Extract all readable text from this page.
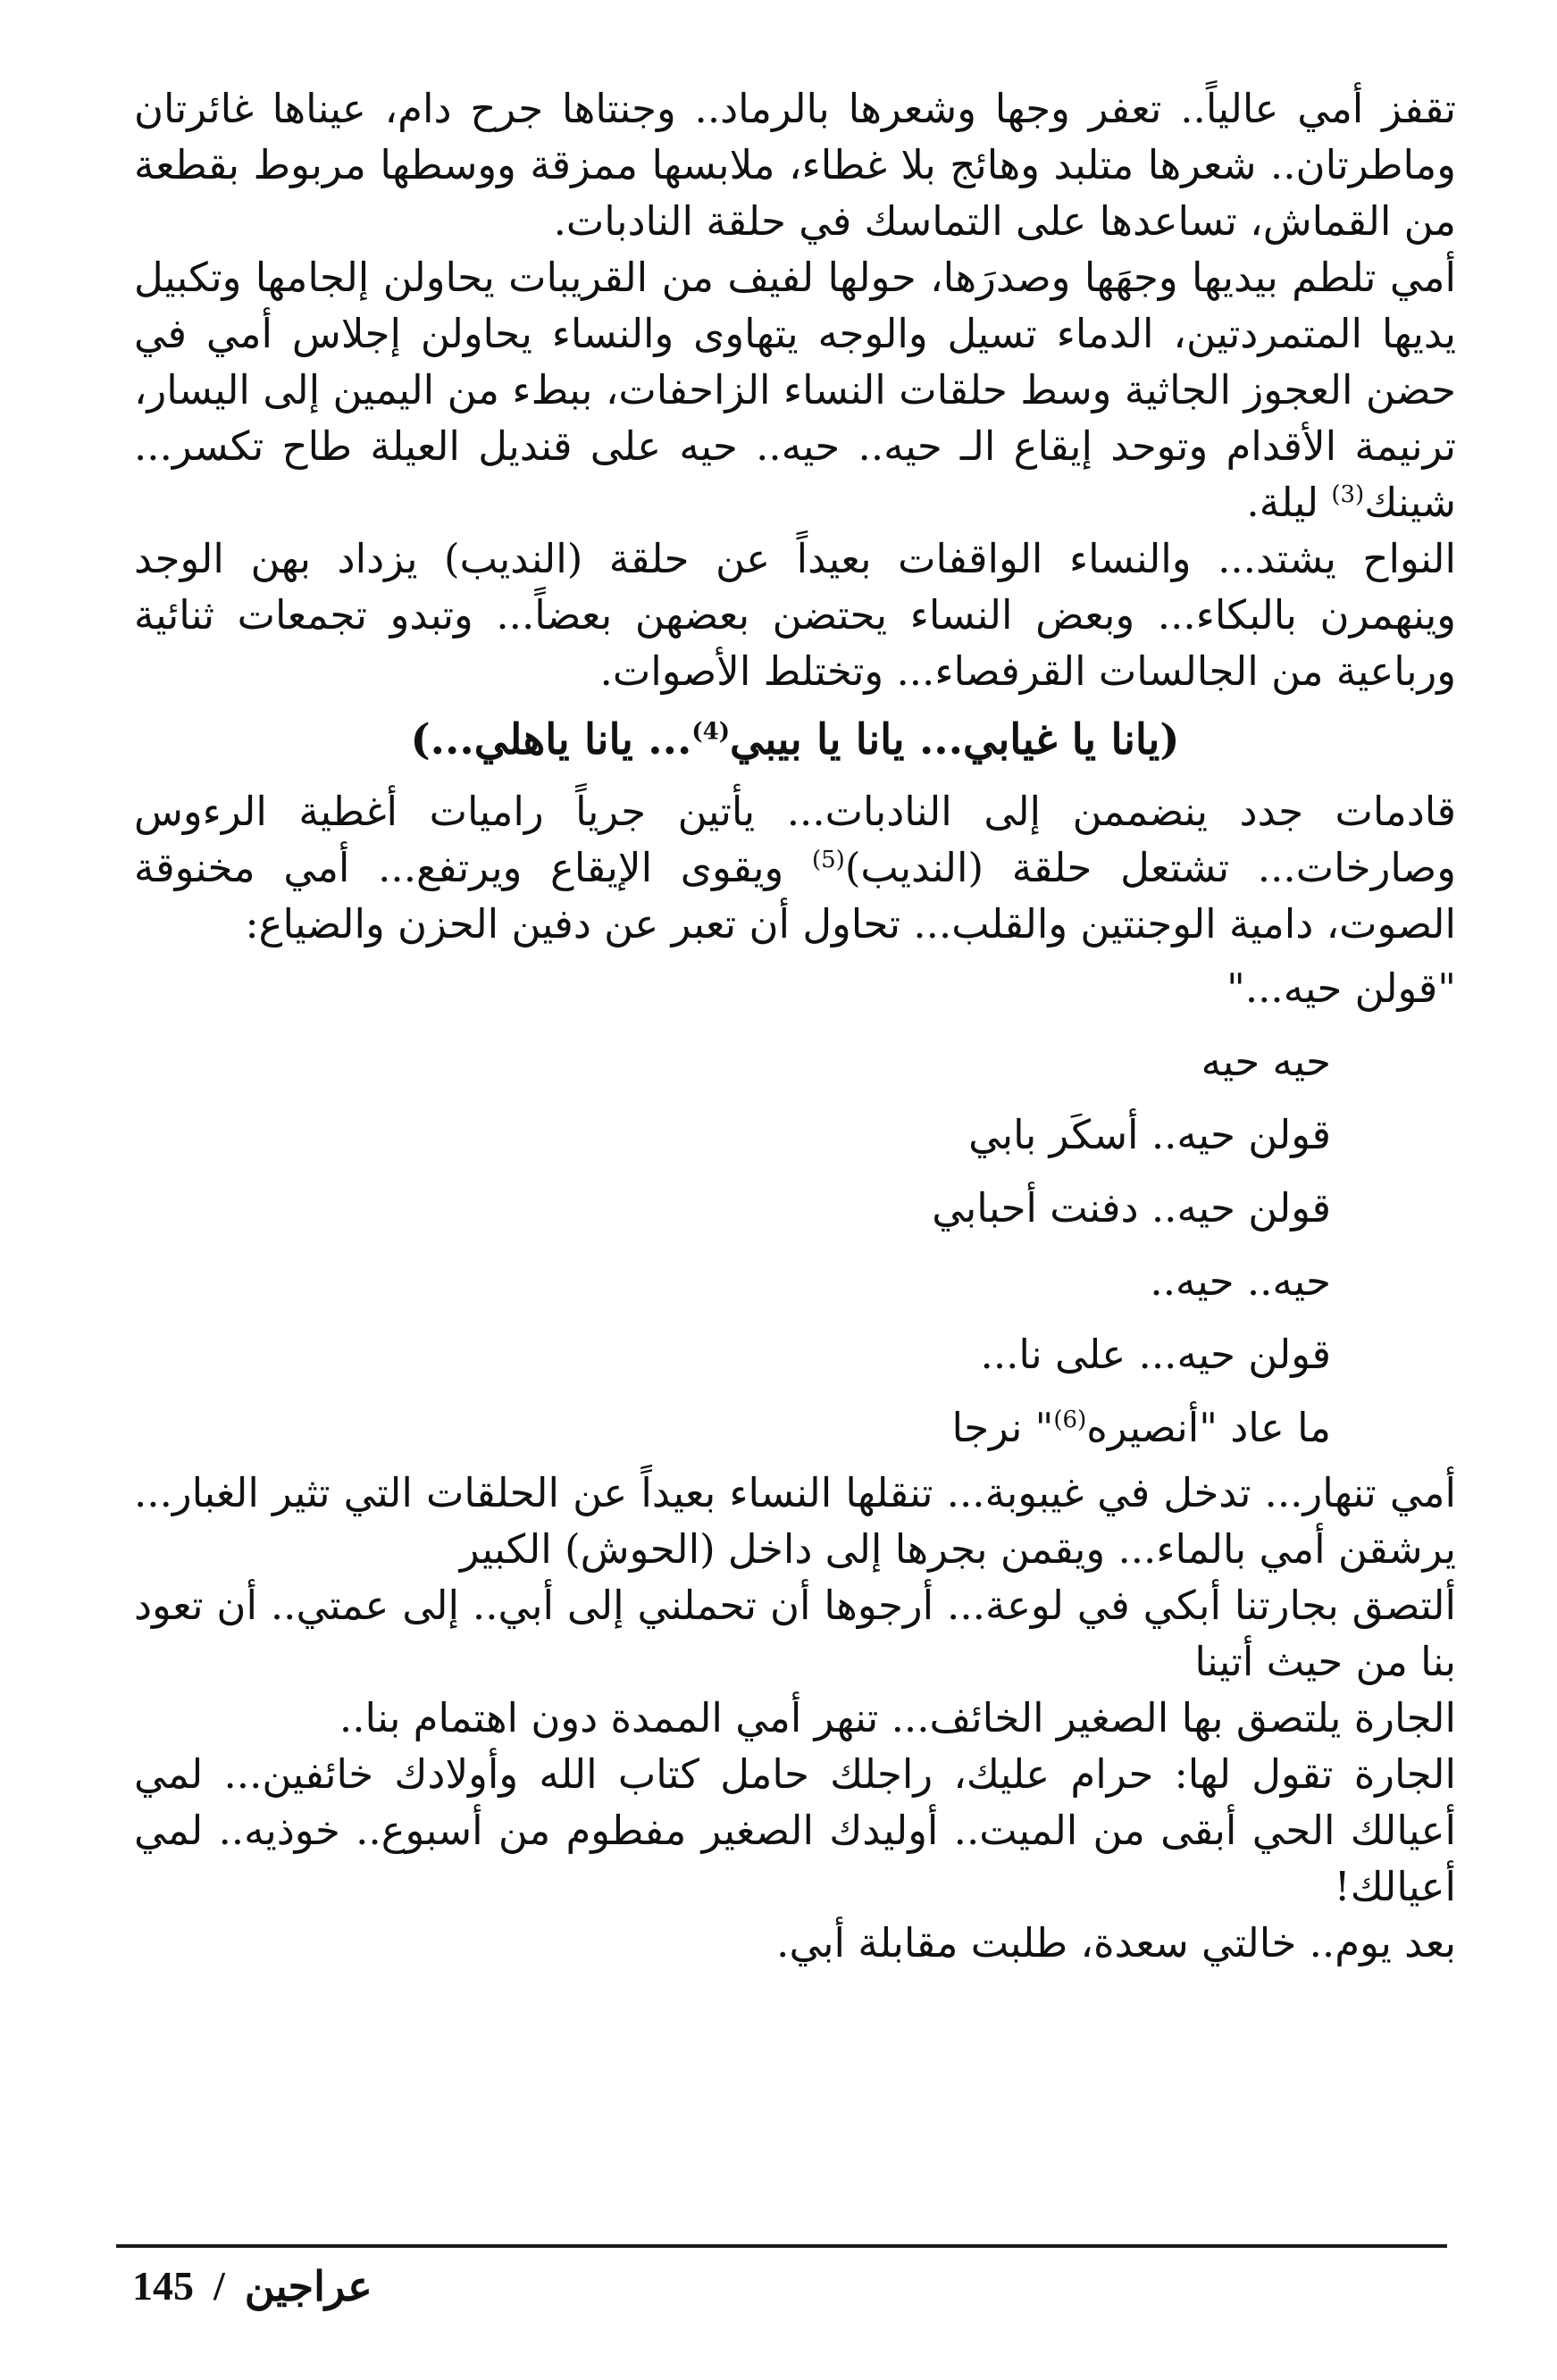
تقفز أمي عالياً.. تعفر وجها وشعرها بالرماد.. وجنتاها جرح دام، عيناها غائرتان وماطرتان.. شعرها متلبد وهائج بلا غطاء، ملابسها ممزقة ووسطها مربوط بقطعة من القماش، تساعدها على التماسك في حلقة النادبات.

أمي تلطم بيديها وجهَها وصدرَها، حولها لفيف من القريبات يحاولن إلجامها وتكبيل يديها المتمردتين، الدماء تسيل والوجه يتهاوى والنساء يحاولن إجلاس أمي في حضن العجوز الجاثية وسط حلقات النساء الزاحفات، ببطء من اليمين إلى اليسار، ترنيمة الأقدام وتوحد إيقاع الـ حيه.. حيه.. حيه على قنديل العيلة طاح تكسر... شينك$^{(3)}$ ليلة.

النواح يشتد... والنساء الواقفات بعيداً عن حلقة (النديب) يزداد بهن الوجد وينهمرن بالبكاء... وبعض النساء يحتضن بعضهن بعضاً... وتبدو تجمعات ثنائية ورباعية من الجالسات القرفصاء... وتختلط الأصوات.

(يانا يا غيابي... يانا يا بيبي$^{(4)}$... يانا ياهلي...)

قادمات جدد ينضممن إلى النادبات... يأتين جرياً راميات أغطية الرءوس وصارخات... تشتعل حلقة (النديب)$^{(5)}$ ويقوى الإيقاع ويرتفع... أمي مخنوقة الصوت، دامية الوجنتين والقلب... تحاول أن تعبر عن دفين الحزن والضياع:

"قولن حيه..."

حيه حيه

قولن حيه.. أسكَر بابي

قولن حيه.. دفنت أحبابي

حيه.. حيه..

قولن حيه... على نا...

ما عاد "أنصيره$^{(6)}$" نرجا

أمي تنهار... تدخل في غيبوبة... تنقلها النساء بعيداً عن الحلقات التي تثير الغبار... يرشقن أمي بالماء... ويقمن بجرها إلى داخل (الحوش) الكبير

ألتصق بجارتنا أبكي في لوعة... أرجوها أن تحملني إلى أبي.. إلى عمتي.. أن تعود بنا من حيث أتينا

الجارة يلتصق بها الصغير الخائف... تنهر أمي الممدة دون اهتمام بنا..

الجارة تقول لها: حرام عليك، راجلك حامل كتاب الله وأولادك خائفين... لمي أعيالك الحي أبقى من الميت.. أوليدك الصغير مفطوم من أسبوع.. خوذيه.. لمي أعيالك!

بعد يوم.. خالتي سعدة، طلبت مقابلة أبي.

145 / عراجين
